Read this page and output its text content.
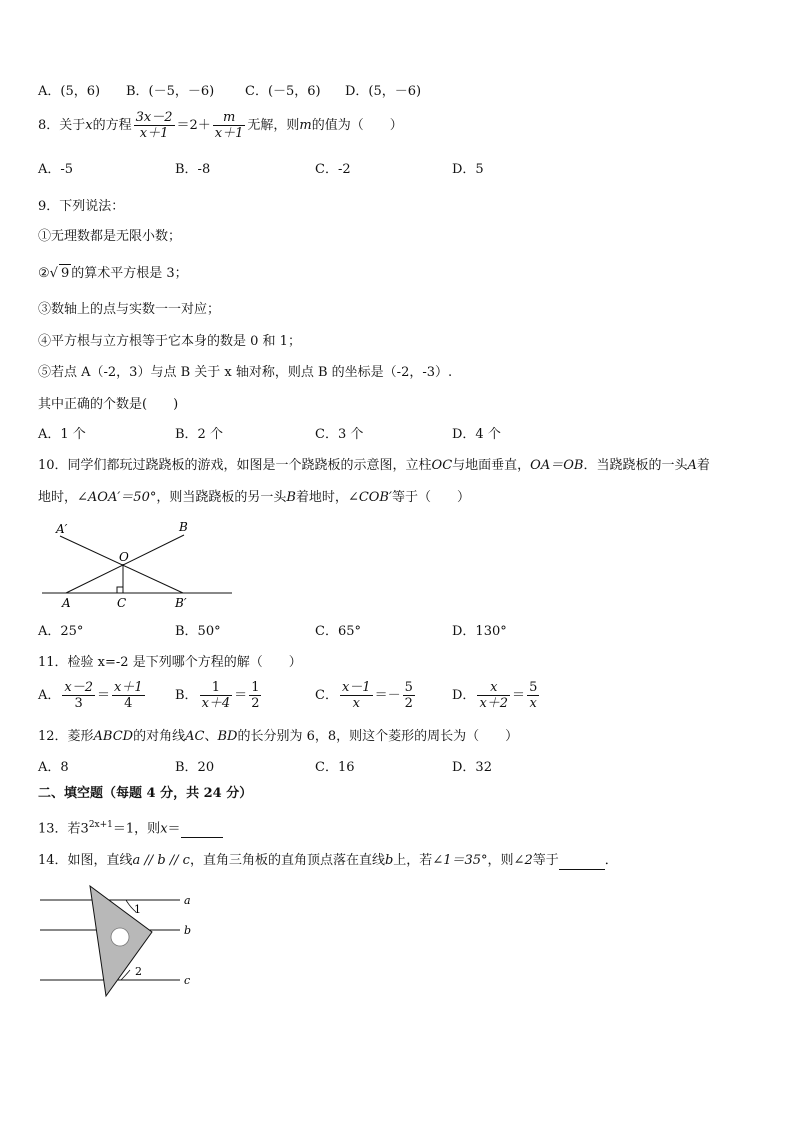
A．(5，6) B．(－5，－6) C．(－5，6) D．(5，－6)
8．关于x的方程 $\frac{3x-2}{x+1} =2+ \frac{m}{x+1}$ 无解，则m的值为（　　）
A．-5	B．-8	C．-2	D．5
9．下列说法：
①无理数都是无限小数；
②√ 9 的算术平方根是 3；
③数轴上的点与实数一一对应；
④平方根与立方根等于它本身的数是 0 和 1；
⑤若点 A（-2，3）与点 B 关于 x 轴对称，则点 B 的坐标是（-2，-3）.
其中正确的个数是(　　)
A．1 个	B．2 个	C．3 个	D．4 个
10．同学们都玩过跷跷板的游戏，如图是一个跷跷板的示意图，立柱OC与地面垂直，OA＝OB．当跷跷板的一头A着
地时，∠AOA′＝50°，则当跷跷板的另一头B着地时，∠COB′等于（　　）
A′	B
O
A	C	B′
A．25°	B．50°	C．65°	D．130°
11．检验 x=-2 是下列哪个方程的解（　　）
A． $\frac{x-2}{3} = \frac{x+1}{4}$ B． $\frac{1}{x+4} = \frac{1}{2}$	C． $\frac{x-1}{x} =- \frac{5}{2}$	D． $\frac{x}{x+2} = \frac{5}{x}$
12．菱形ABCD的对角线AC、BD的长分别为 6，8，则这个菱形的周长为（　　）
A．8	B．20	C．16	D．32
二、填空题（每题 4 分，共 24 分）
13．若$3^{2x+1}=1$，则x＝
14．如图，直线a // b // c，直角三角板的直角顶点落在直线b上，若∠1＝35°，则∠2等于	．
1
2
a
b
c
